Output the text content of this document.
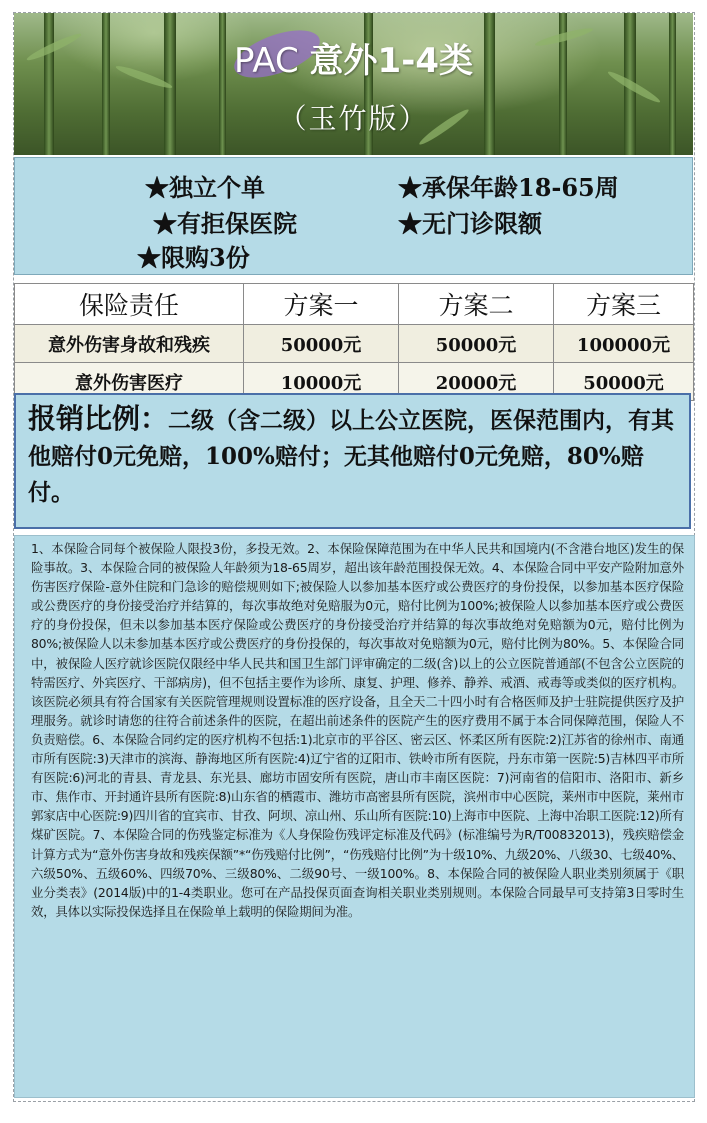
PAC 意外1-4类
（玉竹版）
★独立个单	★承保年龄18-65周
★有拒保医院	★无门诊限额
★限购3份
保险责任	方案一	方案二	方案三
意外伤害身故和残疾	50000元	50000元	100000元
意外伤害医疗	10000元	20000元	50000元
报销比例：二级（含二级）以上公立医院，医保范围内，有其他赔付0元免赔，100%赔付；无其他赔付0元免赔，80%赔付。
1、本保险合同每个被保险人限投3份，多投无效。2、本保险保障范围为在中华人民共和国境内(不含港台地区)发生的保险事故。3、本保险合同的被保险人年龄须为18-65周岁，超出该年龄范围投保无效。4、本保险合同中平安产险附加意外伤害医疗保险-意外住院和门急诊的赔偿规则如下;被保险人以参加基本医疗或公费医疗的身份投保，以参加基本医疗保险或公费医疗的身份接受治疗并结算的，每次事故绝对免赔服为0元，赔付比例为100%;被保险人以参加基本医疗或公费医疗的身份投保，但未以参加基本医疗保险或公费医疗的身份接受治疗并结算的每次事故绝对免赔额为0元，赔付比例为80%;被保险人以未参加基本医疗或公费医疗的身份投保的，每次事故对免赔额为0元，赔付比例为80%。5、本保险合同中，被保险人医疗就诊医院仅限经中华人民共和国卫生部门评审确定的二级(含)以上的公立医院普通部(不包含公立医院的特需医疗、外宾医疗、干部病房)，但不包括主要作为诊所、康复、护理、修养、静养、戒酒、戒毒等或类似的医疗机构。该医院必须具有符合国家有关医院管理规则设置标准的医疗设备，且全天二十四小时有合格医师及护士驻院提供医疗及护理服务。就诊时请您的往符合前述条件的医院，在超出前述条件的医院产生的医疗费用不属于本合同保障范围，保险人不负责赔偿。6、本保险合同约定的医疗机构不包括:1)北京市的平谷区、密云区、怀柔区所有医院:2)江苏省的徐州市、南通市所有医院:3)天津市的滨海、静海地区所有医院:4)辽宁省的辽阳市、铁岭市所有医院，丹东市第一医院:5)吉林四平市所有医院:6)河北的青县、青龙县、东光县、廊坊市固安所有医院，唐山市丰南区医院：7)河南省的信阳市、洛阳市、新乡市、焦作市、开封通许县所有医院:8)山东省的栖霞市、潍坊市高密县所有医院，滨州市中心医院，莱州市中医院，莱州市郭家店中心医院:9)四川省的宜宾市、甘孜、阿坝、凉山州、乐山所有医院:10)上海市中医院、上海中冶职工医院:12)所有煤矿医院。7、本保险合同的伤残鉴定标准为《人身保险伤残评定标准及代码》(标准编号为R/T00832013)，残疾赔偿金计算方式为“意外伤害身故和残疾保额”*“伤残赔付比例”，“伤残赔付比例”为十级10%、九级20%、八级30、七级40%、六级50%、五级60%、四级70%、三级80%、二级90号、一级100%。8、本保险合同的被保险人职业类别须属于《职业分类表》(2014版)中的1-4类职业。您可在产品投保页面查询相关职业类别规则。本保险合同最早可支持第3日零时生效，具体以实际投保选择且在保险单上载明的保险期间为准。
